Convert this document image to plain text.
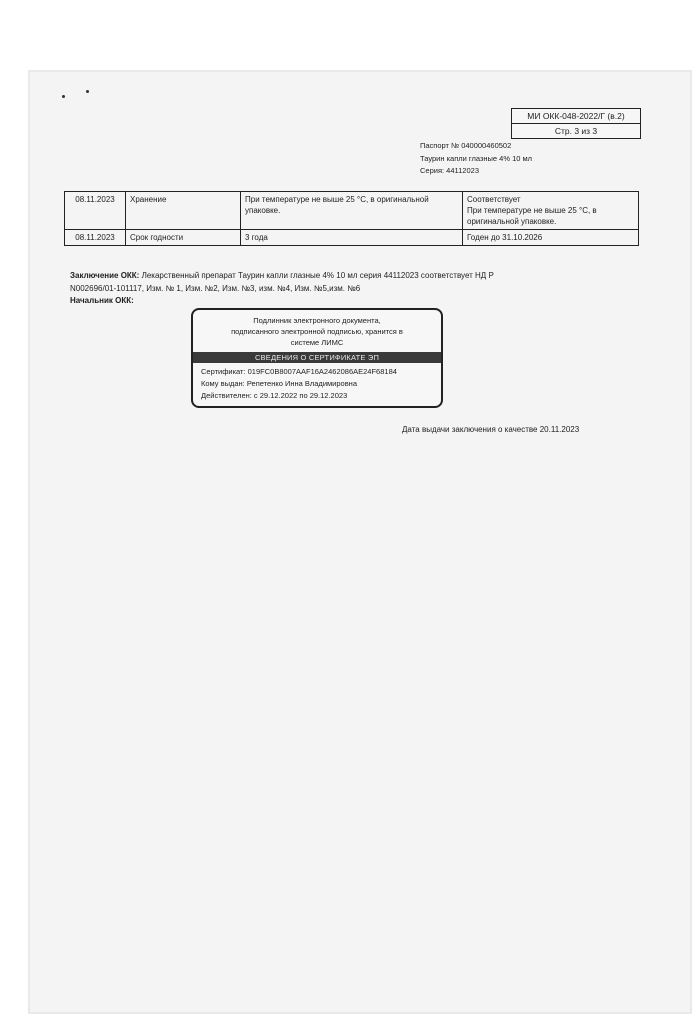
МИ ОКК-048-2022/Г (в.2)
Стр. 3 из 3
Паспорт № 040000460502
Таурин капли глазные 4% 10 мл
Серия: 44112023
08.11.2023	Хранение	При температуре не выше 25 °С, в оригинальной упаковке.	Соответствует
При температуре не выше 25 °С, в оригинальной упаковке.

08.11.2023	Срок годности	3 года	Годен до 31.10.2026
Заключение ОКК: Лекарственный препарат Таурин капли глазные 4% 10 мл серия 44112023 соответствует НД Р N002696/01-101117, Изм. № 1, Изм. №2, Изм. №3, изм. №4, Изм. №5,изм. №6
Начальник ОКК:
Подлинник электронного документа,
подписанного электронной подписью, хранится в
системе ЛИМС
СВЕДЕНИЯ О СЕРТИФИКАТЕ ЭП
Сертификат: 019FC0B8007AAF16A2462086AE24F68184
Кому выдан: Репетенко Инна Владимировна
Действителен: с 29.12.2022 по 29.12.2023
Дата выдачи заключения о качестве 20.11.2023
